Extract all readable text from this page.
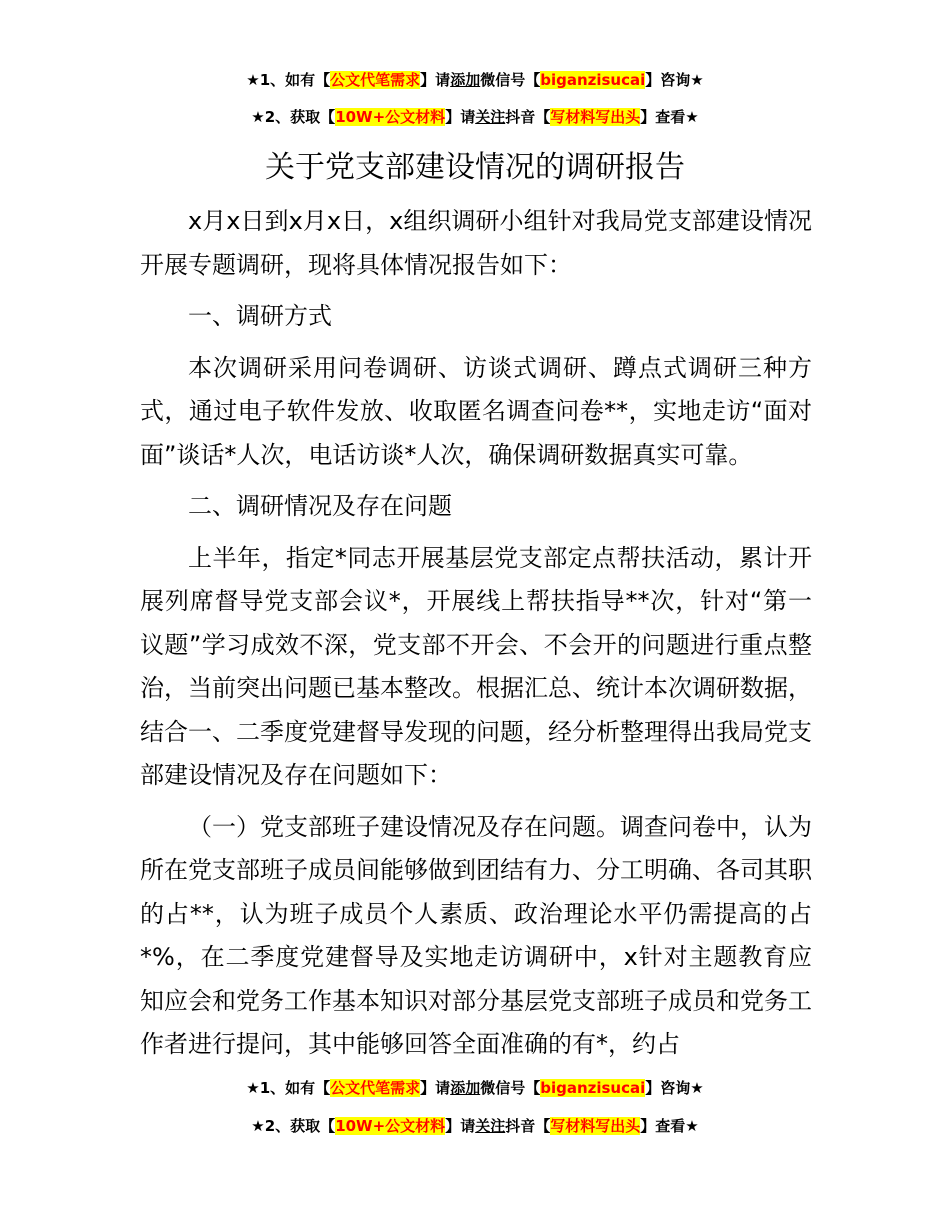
★1、如有【公文代笔需求】请添加微信号【biganzisucai】咨询★
★2、获取【10W+公文材料】请关注抖音【写材料写出头】查看★
关于党支部建设情况的调研报告

x月x日到x月x日，x组织调研小组针对我局党支部建设情况开展专题调研，现将具体情况报告如下：

一、调研方式

本次调研采用问卷调研、访谈式调研、蹲点式调研三种方式，通过电子软件发放、收取匿名调查问卷**，实地走访“面对面”谈话*人次，电话访谈*人次，确保调研数据真实可靠。

二、调研情况及存在问题

上半年，指定*同志开展基层党支部定点帮扶活动，累计开展列席督导党支部会议*，开展线上帮扶指导**次，针对“第一议题”学习成效不深，党支部不开会、不会开的问题进行重点整治，当前突出问题已基本整改。根据汇总、统计本次调研数据，结合一、二季度党建督导发现的问题，经分析整理得出我局党支部建设情况及存在问题如下：

（一）党支部班子建设情况及存在问题。调查问卷中，认为所在党支部班子成员间能够做到团结有力、分工明确、各司其职的占**，认为班子成员个人素质、政治理论水平仍需提高的占*%，在二季度党建督导及实地走访调研中，x针对主题教育应知应会和党务工作基本知识对部分基层党支部班子成员和党务工作者进行提问，其中能够回答全面准确的有*，约占

★1、如有【公文代笔需求】请添加微信号【biganzisucai】咨询★
★2、获取【10W+公文材料】请关注抖音【写材料写出头】查看★
